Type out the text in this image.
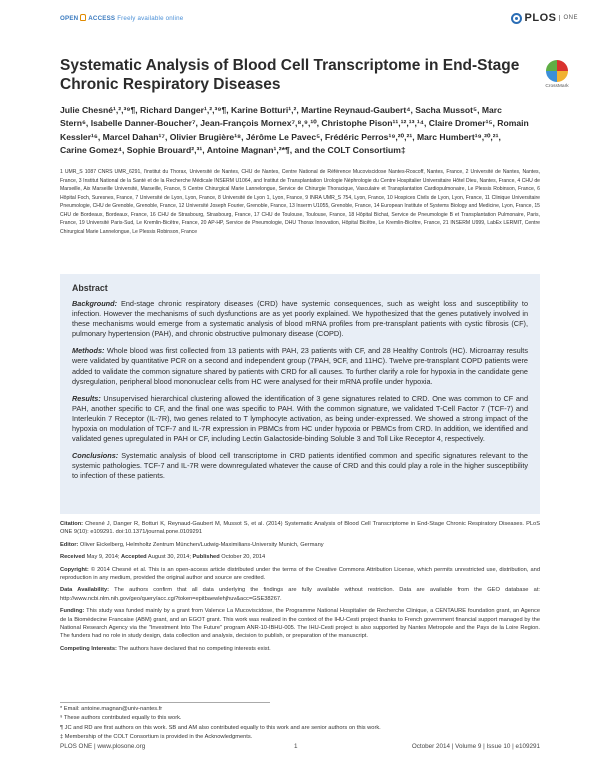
OPEN ACCESS Freely available online	PLOS	ONE
Systematic Analysis of Blood Cell Transcriptome in End-Stage Chronic Respiratory Diseases	CrossMark
Julie Chesné¹,²,³⁹¶, Richard Danger¹,²,³⁹¶, Karine Botturi¹,², Martine Reynaud-Gaubert⁴, Sacha Mussot⁵, Marc Stern⁶, Isabelle Danner-Boucher⁷, Jean-François Mornex⁷,⁸,⁹,¹⁰, Christophe Pison¹¹,¹²,¹³,¹⁴, Claire Dromer¹⁵, Romain Kessler¹⁶, Marcel Dahan¹⁷, Olivier Brugière¹⁸, Jérôme Le Pavec⁵, Frédéric Perros¹⁹,²⁰,²¹, Marc Humbert¹⁹,²⁰,²¹, Carine Gomez⁴, Sophie Brouard²,³¹, Antoine Magnan¹,²*¶, and the COLT Consortium‡
1 UMR_S 1087 CNRS UMR_6291, l'institut du Thorax, Université de Nantes, CHU de Nantes, Centre National de Référence Mucoviscidose Nantes-Roscoff, Nantes, France, 2 Université de Nantes, Nantes, France, 3 Institut National de la Santé et de la Recherche Médicale INSERM U1064, and Institut de Transplantation Urologie Néphrologie du Centre Hospitalier Universitaire Hôtel Dieu, Nantes, France, 4 CHU de Marseille, Aix Marseille Université, Marseille, France, 5 Centre Chirurgical Marie Lannelongue, Service de Chirurgie Thoracique, Vasculaire et Transplantation Cardiopulmonaire, Le Plessis Robinson, France, 6 Hôpital Foch, Suresnes, France, 7 Université de Lyon, Lyon, France, 8 Université de Lyon 1, Lyon, France, 9 INRA UMR_S 754, Lyon, France, 10 Hospices Civils de Lyon, Lyon, France, 11 Clinique Universitaire Pneumologie, CHU de Grenoble, Grenoble, France, 12 Université Joseph Fourier, Grenoble, France, 13 Inserm U1055, Grenoble, France, 14 European Institute of Systems Biology and Medicine, Lyon, France, 15 CHU de Bordeaux, Bordeaux, France, 16 CHU de Strasbourg, Strasbourg, France, 17 CHU de Toulouse, Toulouse, France, 18 Hôpital Bichat, Service de Pneumologie B et Transplantation Pulmonaire, Paris, France, 19 Université Paris-Sud, Le Kremlin-Bicêtre, France, 20 AP-HP, Service de Pneumologie, DHU Thorax Innovation, Hôpital Bicêtre, Le Kremlin-Bicêtre, France, 21 INSERM U999, LabEx LERMIT, Centre Chirurgical Marie Lannelongue, Le Plessis Robinson, France
Abstract

Background: End-stage chronic respiratory diseases (CRD) have systemic consequences, such as weight loss and susceptibility to infection. However the mechanisms of such dysfunctions are as yet poorly explained. We hypothesized that the genes putatively involved in these mechanisms would emerge from a systematic analysis of blood mRNA profiles from pre-transplant patients with cystic fibrosis (CF), pulmonary hypertension (PAH), and chronic obstructive pulmonary disease (COPD).

Methods: Whole blood was first collected from 13 patients with PAH, 23 patients with CF, and 28 Healthy Controls (HC). Microarray results were validated by quantitative PCR on a second and independent group (7PAH, 9CF, and 11HC). Twelve pre-transplant COPD patients were added to validate the common signature shared by patients with CRD for all causes. To further clarify a role for hypoxia in the candidate gene dysregulation, peripheral blood mononuclear cells from HC were analysed for their mRNA profile under hypoxia.

Results: Unsupervised hierarchical clustering allowed the identification of 3 gene signatures related to CRD. One was common to CF and PAH, another specific to CF, and the final one was specific to PAH. With the common signature, we validated T-Cell Factor 7 (TCF-7) and Interleukin 7 Receptor (IL-7R), two genes related to T lymphocyte activation, as being under-expressed. We showed a strong impact of the hypoxia on modulation of TCF-7 and IL-7R expression in PBMCs from HC under hypoxia or PBMCs from CRD. In addition, we identified and validated genes upregulated in PAH or CF, including Lectin Galactoside-binding Soluble 3 and Toll Like Receptor 4, respectively.

Conclusions: Systematic analysis of blood cell transcriptome in CRD patients identified common and specific signatures relevant to the systemic pathologies. TCF-7 and IL-7R were downregulated whatever the cause of CRD and this could play a role in the higher susceptibility to infection of these patients.

Citation: Chesné J, Danger R, Botturi K, Reynaud-Gaubert M, Mussot S, et al. (2014) Systematic Analysis of Blood Cell Transcriptome in End-Stage Chronic Respiratory Diseases. PLoS ONE 9(10): e109291. doi:10.1371/journal.pone.0109291

Editor: Oliver Eickelberg, Helmholtz Zentrum München/Ludwig-Maximilians-University Munich, Germany

Received May 9, 2014; Accepted August 30, 2014; Published October 20, 2014

Copyright: © 2014 Chesné et al. This is an open-access article distributed under the terms of the Creative Commons Attribution License, which permits unrestricted use, distribution, and reproduction in any medium, provided the original author and source are credited.

Data Availability: The authors confirm that all data underlying the findings are fully available without restriction. Data are available from the GEO database at: http://www.ncbi.nlm.nih.gov/geo/query/acc.cgi?token=epitbaewlehjhuv&acc=GSE38267.

Funding: This study was funded mainly by a grant from Valence La Mucoviscidose, the Programme National Hospitalier de Recherche Clinique, a CENTAURE foundation grant, an Agence de la Biomédecine Francaise (ABM) grant, and an EGOT grant. This work was realized in the context of the IHU-Cesti project thanks to French government financial support managed by the National Research Agency via the "Investment Into The Future" program ANR-10-IBHU-005. The IHU-Cesti project is also supported by Nantes Metropole and the Pays de la Loire Region. The funders had no role in study design, data collection and analysis, decision to publish, or preparation of the manuscript.

Competing Interests: The authors have declared that no competing interests exist.

* Email: antoine.magnan@univ-nantes.fr

⁹ These authors contributed equally to this work.

¶ JC and RD are first authors on this work. SB and AM also contributed equally to this work and are senior authors on this work.

‡ Membership of the COLT Consortium is provided in the Acknowledgments.

PLOS ONE | www.plosone.org	1	October 2014 | Volume 9 | Issue 10 | e109291
